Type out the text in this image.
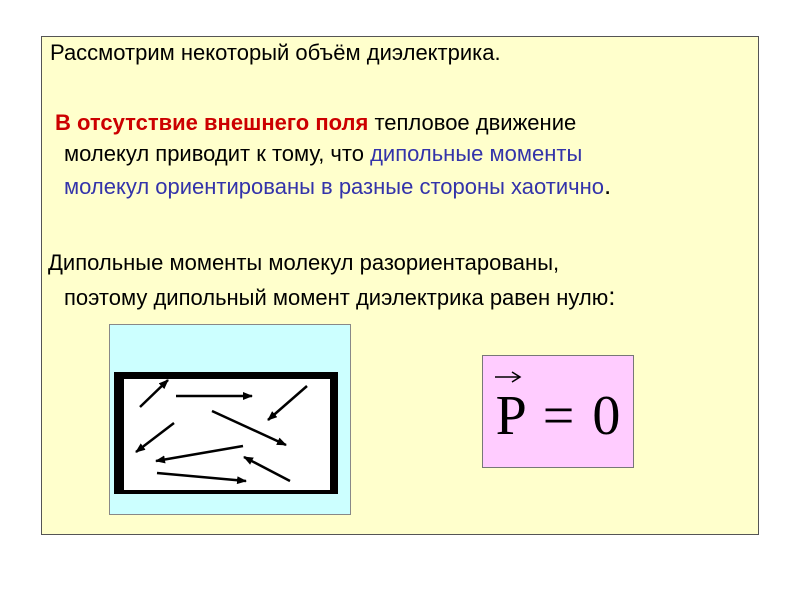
Рассмотрим некоторый объём диэлектрика.
В отсутствие внешнего поля тепловое движение
молекул приводит к тому, что дипольные моменты
молекул ориентированы в разные стороны хаотично.
Дипольные моменты молекул разориентарованы,
поэтому дипольный момент диэлектрика равен нулю:
P = 0
